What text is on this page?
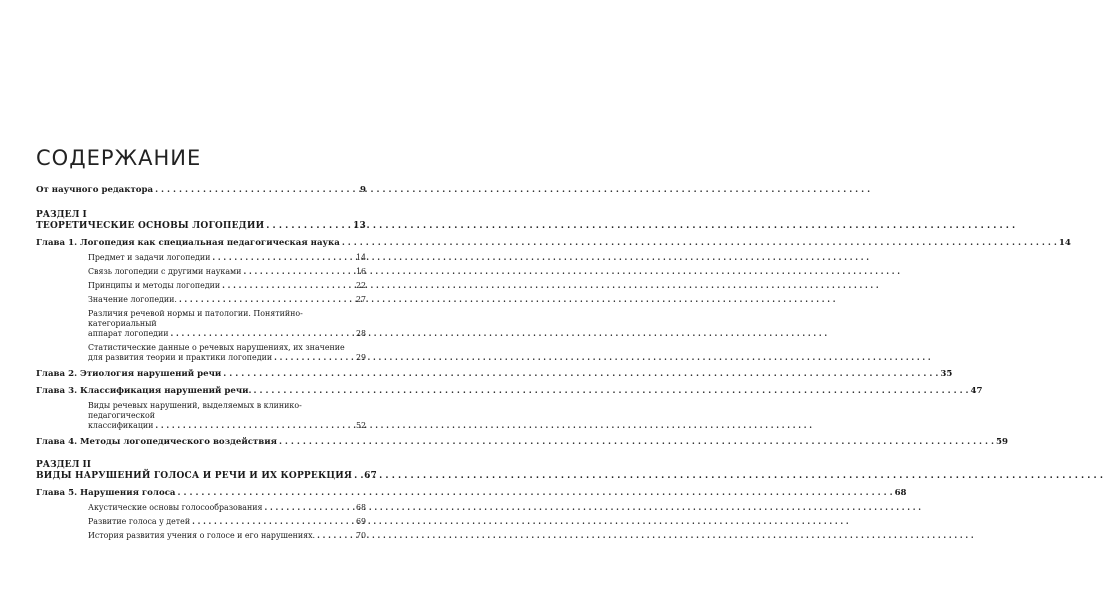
СОДЕРЖАНИЕ
От научного редактора . . .	9
РАЗДЕЛ I
ТЕОРЕТИЧЕСКИЕ ОСНОВЫ ЛОГОПЕДИИ . . .	13
Глава 1. Логопедия как специальная педагогическая наука . . .	14
Предмет и задачи логопедии . . .	14
Связь логопедии с другими науками . . .	16
Принципы и методы логопедии . . .	22
Значение логопедии. . . .	27
Различия речевой нормы и патологии. Понятийно-категориальный
аппарат логопедии . . .	28
Статистические данные о речевых нарушениях, их значение
для развития теории и практики логопедии . . .	29
Глава 2. Этиология нарушений речи . . .	35
Глава 3. Классификация нарушений речи. . . .	47
Виды речевых нарушений, выделяемых в клинико-педагогической
классификации . . .	52
Глава 4. Методы логопедического воздействия . . .	59
РАЗДЕЛ II
ВИДЫ НАРУШЕНИЙ ГОЛОСА И РЕЧИ И ИХ КОРРЕКЦИЯ . . . 67
Глава 5. Нарушения голоса . . .	68
Акустические основы голосообразования . . .	68
Развитие голоса у детей . . .	69
История развития учения о голосе и его нарушениях. . . .	70
